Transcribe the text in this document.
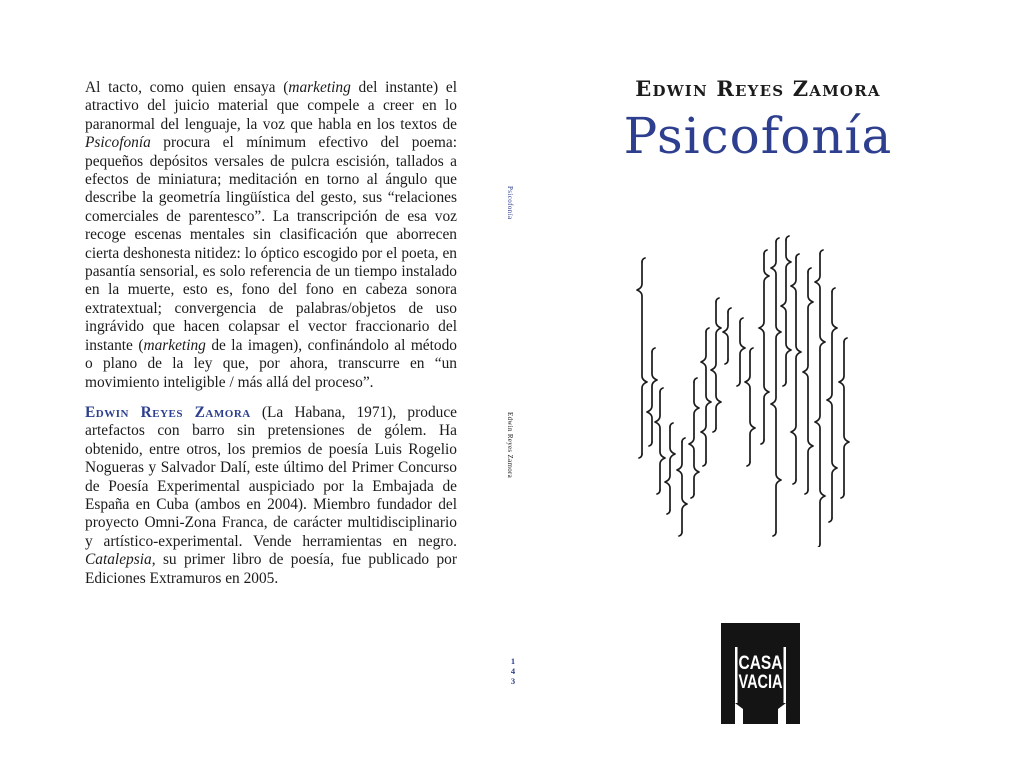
Al tacto, como quien ensaya (marketing del instante) el atractivo del juicio material que compele a creer en lo paranormal del lenguaje, la voz que habla en los textos de Psicofonía procura el mínimum efectivo del poema: pequeños depósitos versales de pulcra escisión, tallados a efectos de miniatura; meditación en torno al ángulo que describe la geometría lingüística del gesto, sus “relaciones comerciales de parentesco”. La transcripción de esa voz recoge escenas mentales sin clasificación que aborrecen cierta deshonesta nitidez: lo óptico escogido por el poeta, en pasantía sensorial, es solo referencia de un tiempo instalado en la muerte, esto es, fono del fono en cabeza sonora extratextual; convergencia de palabras/objetos de uso ingrávido que hacen colapsar el vector fraccionario del instante (marketing de la imagen), confinándolo al método o plano de la ley que, por ahora, transcurre en “un movimiento inteligible / más allá del proceso”.

Edwin Reyes Zamora (La Habana, 1971), produce artefactos con barro sin pretensiones de gólem. Ha obtenido, entre otros, los premios de poesía Luis Rogelio Nogueras y Salvador Dalí, este último del Primer Concurso de Poesía Experimental auspiciado por la Embajada de España en Cuba (ambos en 2004). Miembro fundador del proyecto Omni-Zona Franca, de carácter multidisciplinario y artístico-experimental. Vende herramientas en negro. Catalepsia, su primer libro de poesía, fue publicado por Ediciones Extramuros en 2005.

Psicofonía
Edwin Reyes Zamora
1
4
3
Edwin Reyes Zamora
Psicofonía
CASA
VACIA
